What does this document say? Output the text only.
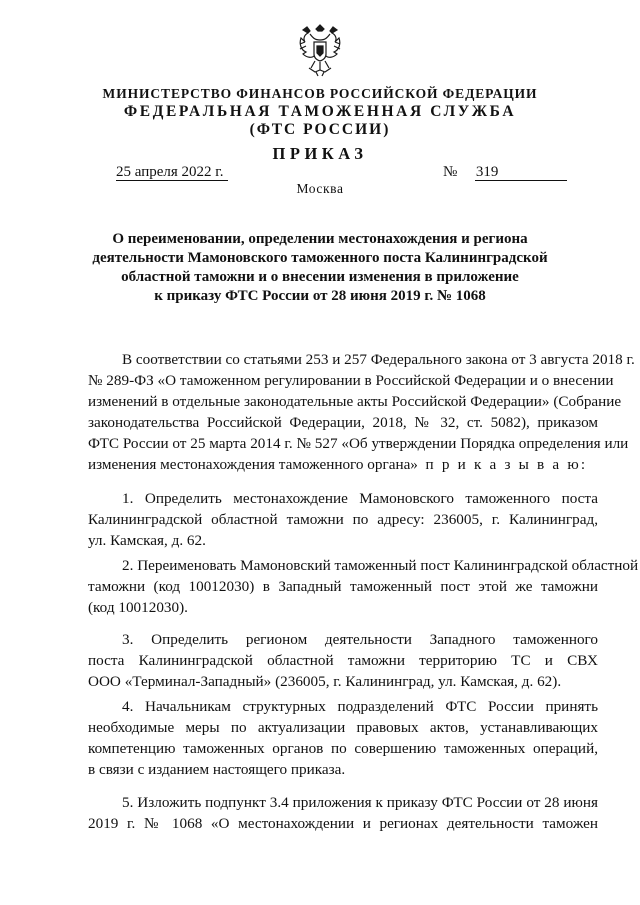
МИНИСТЕРСТВО ФИНАНСОВ РОССИЙСКОЙ ФЕДЕРАЦИИ
ФЕДЕРАЛЬНАЯ ТАМОЖЕННАЯ СЛУЖБА
(ФТС РОССИИ)
ПРИКАЗ
25 апреля 2022 г.	№ 319
Москва
О переименовании, определении местонахождения и региона
деятельности Мамоновского таможенного поста Калининградской
областной таможни и о внесении изменения в приложение
к приказу ФТС России от 28 июня 2019 г. № 1068
В соответствии со статьями 253 и 257 Федерального закона от 3 августа 2018 г.
№ 289-ФЗ «О таможенном регулировании в Российской Федерации и о внесении
изменений в отдельные законодательные акты Российской Федерации» (Собрание
законодательства Российской Федерации, 2018, № 32, ст. 5082), приказом
ФТС России от 25 марта 2014 г. № 527 «Об утверждении Порядка определения или
изменения местонахождения таможенного органа» п р и к а з ы в а ю:
1. Определить местонахождение Мамоновского таможенного поста
Калининградской областной таможни по адресу: 236005, г. Калининград,
ул. Камская, д. 62.
2. Переименовать Мамоновский таможенный пост Калининградской областной
таможни (код 10012030) в Западный таможенный пост этой же таможни
(код 10012030).
3. Определить регионом деятельности Западного таможенного
поста Калининградской областной таможни территорию ТС и СВХ
ООО «Терминал-Западный» (236005, г. Калининград, ул. Камская, д. 62).
4. Начальникам структурных подразделений ФТС России принять
необходимые меры по актуализации правовых актов, устанавливающих
компетенцию таможенных органов по совершению таможенных операций,
в связи с изданием настоящего приказа.
5. Изложить подпункт 3.4 приложения к приказу ФТС России от 28 июня
2019 г. № 1068 «О местонахождении и регионах деятельности таможен
